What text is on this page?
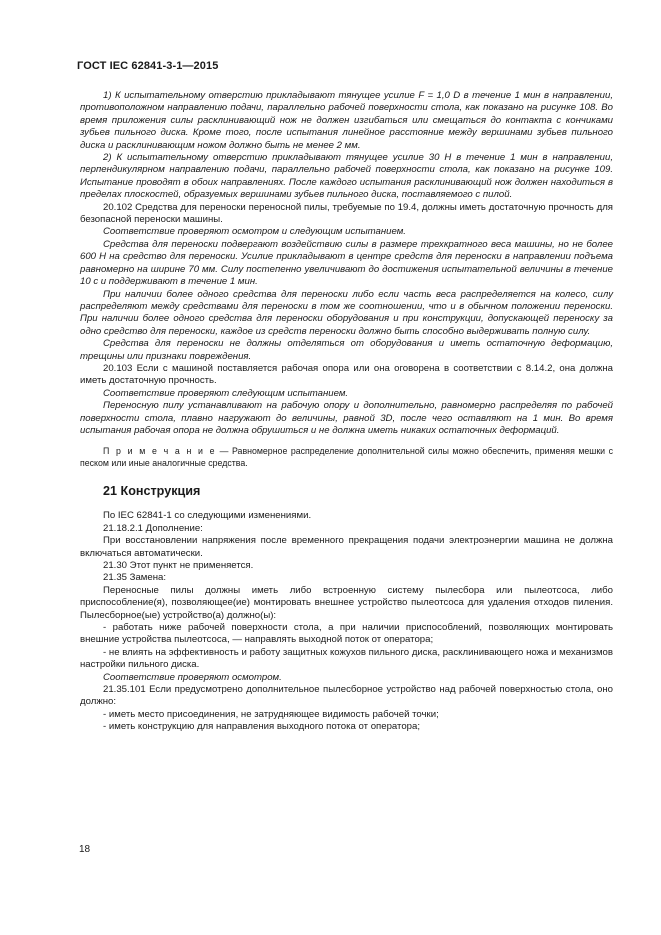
ГОСТ IEC 62841-3-1—2015

1) К испытательному отверстию прикладывают тянущее усилие F = 1,0 D в течение 1 мин в направлении, противоположном направлению подачи, параллельно рабочей поверхности стола, как показано на рисунке 108. Во время приложения силы расклинивающий нож не должен изгибаться или смещаться до контакта с кончиками зубьев пильного диска. Кроме того, после испытания линейное расстояние между вершинами зубьев пильного диска и расклинивающим ножом должно быть не менее 2 мм.

2) К испытательному отверстию прикладывают тянущее усилие 30 Н в течение 1 мин в направлении, перпендикулярном направлению подачи, параллельно рабочей поверхности стола, как показано на рисунке 109. Испытание проводят в обоих направлениях. После каждого испытания расклинивающий нож должен находиться в пределах плоскостей, образуемых вершинами зубьев пильного диска, поставляемого с пилой.

20.102 Средства для переноски переносной пилы, требуемые по 19.4, должны иметь достаточную прочность для безопасной переноски машины.

Соответствие проверяют осмотром и следующим испытанием.

Средства для переноски подвергают воздействию силы в размере трехкратного веса машины, но не более 600 Н на средство для переноски. Усилие прикладывают в центре средств для переноски в направлении подъема равномерно на ширине 70 мм. Силу постепенно увеличивают до достижения испытательной величины в течение 10 с и поддерживают в течение 1 мин.

При наличии более одного средства для переноски либо если часть веса распределяется на колесо, силу распределяют между средствами для переноски в том же соотношении, что и в обычном положении переноски. При наличии более одного средства для переноски оборудования и при конструкции, допускающей переноску за одно средство для переноски, каждое из средств переноски должно быть способно выдерживать полную силу.

Средства для переноски не должны отделяться от оборудования и иметь остаточную деформацию, трещины или признаки повреждения.

20.103 Если с машиной поставляется рабочая опора или она оговорена в соответствии с 8.14.2, она должна иметь достаточную прочность.

Соответствие проверяют следующим испытанием.

Переносную пилу устанавливают на рабочую опору и дополнительно, равномерно распределяя по рабочей поверхности стола, плавно нагружают до величины, равной 3D, после чего оставляют на 1 мин. Во время испытания рабочая опора не должна обрушиться и не должна иметь никаких остаточных деформаций.

П р и м е ч а н и е — Равномерное распределение дополнительной силы можно обеспечить, применяя мешки с песком или иные аналогичные средства.

21 Конструкция

По IEC 62841-1 со следующими изменениями.

21.18.2.1 Дополнение:

При восстановлении напряжения после временного прекращения подачи электроэнергии машина не должна включаться автоматически.

21.30 Этот пункт не применяется.

21.35 Замена:

Переносные пилы должны иметь либо встроенную систему пылесбора или пылеотсоса, либо приспособление(я), позволяющее(ие) монтировать внешнее устройство пылеотсоса для удаления отходов пиления. Пылесборное(ые) устройство(а) должно(ы):

- работать ниже рабочей поверхности стола, а при наличии приспособлений, позволяющих монтировать внешние устройства пылеотсоса, — направлять выходной поток от оператора;

- не влиять на эффективность и работу защитных кожухов пильного диска, расклинивающего ножа и механизмов настройки пильного диска.

Соответствие проверяют осмотром.

21.35.101 Если предусмотрено дополнительное пылесборное устройство над рабочей поверхностью стола, оно должно:

- иметь место присоединения, не затрудняющее видимость рабочей точки;

- иметь конструкцию для направления выходного потока от оператора;

18
